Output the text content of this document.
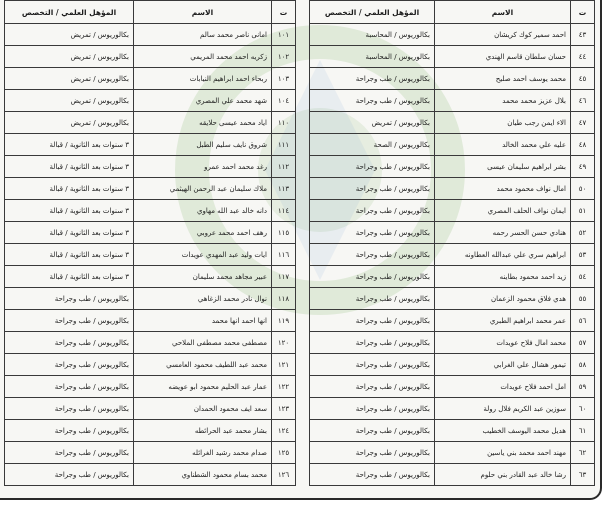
ت	الاسم	المؤهل العلمي / التخصص
١٠١	امانى ناصر محمد سالم	بكالوريوس / تمريض
١٠٢	زكريه احمد محمد المريمي	بكالوريوس / تمريض
١٠٣	ربحاء احمد ابراهيم النيابات	بكالوريوس / تمريض
١٠٤	شهد محمد علي المصري	بكالوريوس / تمريض
١١٠	اياد محمد عيسى حلايقه	بكالوريوس / تمريض
١١١	شروق نايف سليم الطبل	٣ سنوات بعد الثانوية / قبالة
١١٢	رغد محمد احمد عمرو	٣ سنوات بعد الثانوية / قبالة
١١٣	ملاك سليمان عبد الرحمن الهيثمي	٣ سنوات بعد الثانوية / قبالة
١١٤	دانه خالد عبد الله مهاوي	٣ سنوات بعد الثانوية / قبالة
١١٥	رهف احمد محمد عروبي	٣ سنوات بعد الثانوية / قبالة
١١٦	ايات وليد عبد المهدي عويدات	٣ سنوات بعد الثانوية / قبالة
١١٧	عبير مجاهد محمد سليمان	٣ سنوات بعد الثانوية / قبالة
١١٨	نوال نادر محمد الزغاهي	بكالوريوس / طب وجراحة
١١٩	انها احمد انها محمد	بكالوريوس / طب وجراحة
١٢٠	مصطفى محمد مصطفى الملاحي	بكالوريوس / طب وجراحة
١٢١	محمد عبد اللطيف محمود العامسي	بكالوريوس / طب وجراحة
١٢٢	عمار عبد الحليم محمود ابو عويضه	بكالوريوس / طب وجراحة
١٢٣	سعد ايف محمود الحمدان	بكالوريوس / طب وجراحة
١٢٤	بشار محمد عبد الحرائطه	بكالوريوس / طب وجراحة
١٢٥	صدام محمد رشيد الغرائله	بكالوريوس / طب وجراحة
١٢٦	محمد بسام محمود الشطناوي	بكالوريوس / طب وجراحة
ت	الاسم	المؤهل العلمي / التخصص
٤٣	احمد سمير كوك كريشان	بكالوريوس / المحاسبة
٤٤	حسان سلطان قاسم الهندي	بكالوريوس / المحاسبة
٤٥	محمد يوسف احمد صليح	بكالوريوس / طب وجراحة
٤٦	بلال عزيز محمد محمد	بكالوريوس / طب وجراحة
٤٧	الاء ايمن رجب طيان	بكالوريوس / تمريض
٤٨	عليه علي محمد الخالد	بكالوريوس / الصحة
٤٩	بشر ابراهيم سليمان عيسى	بكالوريوس / طب وجراحة
٥٠	امال نواف محمود محمد	بكالوريوس / طب وجراحة
٥١	ايمان نواف الحلف المصري	بكالوريوس / طب وجراحة
٥٢	هنادي حسن الحسر رحمه	بكالوريوس / طب وجراحة
٥٣	ابراهيم سري علي عبدالله العطاونه	بكالوريوس / طب وجراحة
٥٤	زيد احمد محمود بطاينه	بكالوريوس / طب وجراحة
٥٥	هدي فلاق محمود الزعمان	بكالوريوس / طب وجراحة
٥٦	عمر محمد ابراهيم الطبري	بكالوريوس / طب وجراحة
٥٧	محمد امال فلاح عويدات	بكالوريوس / طب وجراحة
٥٨	تيمور هشال علي الغرابي	بكالوريوس / طب وجراحة
٥٩	امل احمد فلاح عويدات	بكالوريوس / طب وجراحة
٦٠	سوزين عبد الكريم فلال رولة	بكالوريوس / طب وجراحة
٦١	هديل محمد اليوسف الخطيب	بكالوريوس / طب وجراحة
٦٢	مهند احمد محمد بني ياسين	بكالوريوس / طب وجراحة
٦٣	رشا خالد عبد القادر بني حلوم	بكالوريوس / طب وجراحة
